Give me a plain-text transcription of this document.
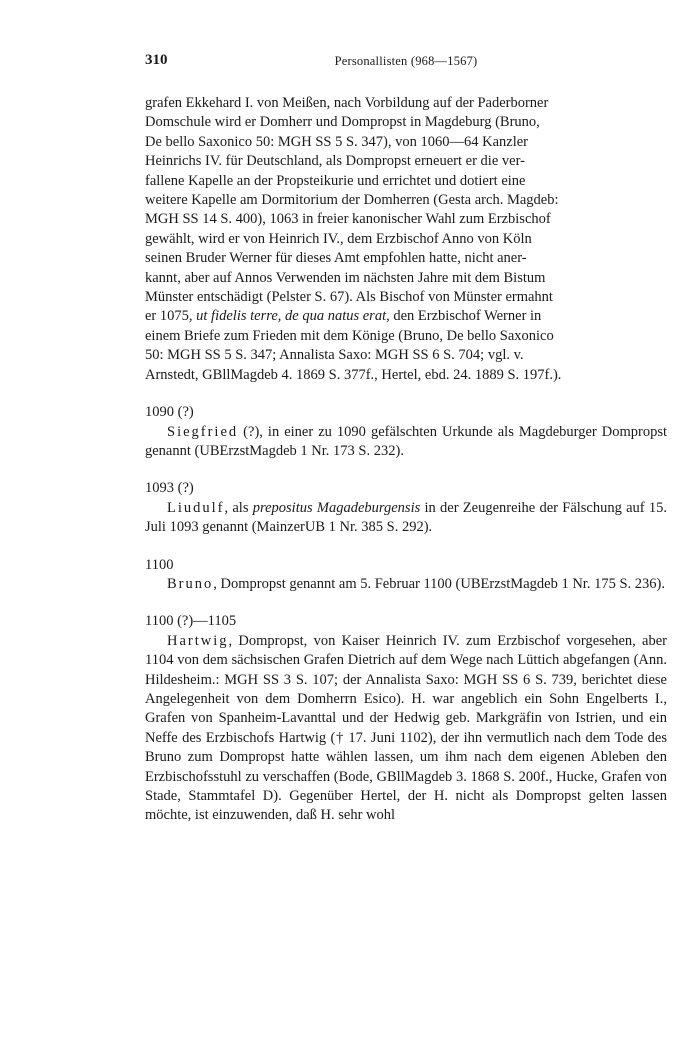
310	Personallisten (968—1567)
grafen Ekkehard I. von Meißen, nach Vorbildung auf der Paderborner
Domschule wird er Domherr und Dompropst in Magdeburg (Bruno,
De bello Saxonico 50: MGH SS 5 S. 347), von 1060—64 Kanzler
Heinrichs IV. für Deutschland, als Dompropst erneuert er die ver-
fallene Kapelle an der Propsteikurie und errichtet und dotiert eine
weitere Kapelle am Dormitorium der Domherren (Gesta arch. Magdeb:
MGH SS 14 S. 400), 1063 in freier kanonischer Wahl zum Erzbischof
gewählt, wird er von Heinrich IV., dem Erzbischof Anno von Köln
seinen Bruder Werner für dieses Amt empfohlen hatte, nicht aner-
kannt, aber auf Annos Verwenden im nächsten Jahre mit dem Bistum
Münster entschädigt (Pelster S. 67). Als Bischof von Münster ermahnt
er 1075, ut fidelis terre, de qua natus erat, den Erzbischof Werner in
einem Briefe zum Frieden mit dem Könige (Bruno, De bello Saxonico
50: MGH SS 5 S. 347; Annalista Saxo: MGH SS 6 S. 704; vgl. v.
Arnstedt, GBllMagdeb 4. 1869 S. 377f., Hertel, ebd. 24. 1889 S. 197f.).
1090 (?)

Siegfried (?), in einer zu 1090 gefälschten Urkunde als Magdeburger Dompropst genannt (UBErzstMagdeb 1 Nr. 173 S. 232).

1093 (?)

Liudulf, als prepositus Magadeburgensis in der Zeugenreihe der Fälschung auf 15. Juli 1093 genannt (MainzerUB 1 Nr. 385 S. 292).

1100

Bruno, Dompropst genannt am 5. Februar 1100 (UBErzstMagdeb 1 Nr. 175 S. 236).

1100 (?)—1105

Hartwig, Dompropst, von Kaiser Heinrich IV. zum Erzbischof vorgesehen, aber 1104 von dem sächsischen Grafen Dietrich auf dem Wege nach Lüttich abgefangen (Ann. Hildesheim.: MGH SS 3 S. 107; der Annalista Saxo: MGH SS 6 S. 739, berichtet diese Angelegenheit von dem Domherrn Esico). H. war angeblich ein Sohn Engelberts I., Grafen von Spanheim-Lavanttal und der Hedwig geb. Markgräfin von Istrien, und ein Neffe des Erzbischofs Hartwig († 17. Juni 1102), der ihn vermutlich nach dem Tode des Bruno zum Dompropst hatte wählen lassen, um ihm nach dem eigenen Ableben den Erzbischofsstuhl zu verschaffen (Bode, GBllMagdeb 3. 1868 S. 200f., Hucke, Grafen von Stade, Stammtafel D). Gegenüber Hertel, der H. nicht als Dompropst gelten lassen möchte, ist einzuwenden, daß H. sehr wohl
